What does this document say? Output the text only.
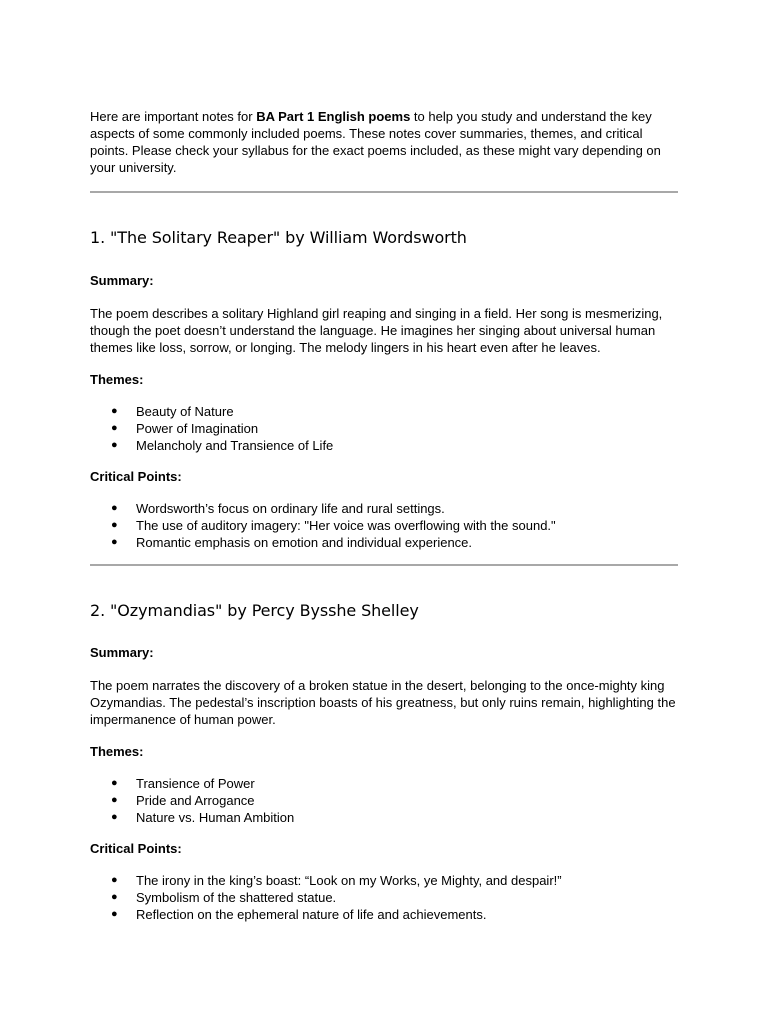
Here are important notes for BA Part 1 English poems to help you study and understand the key aspects of some commonly included poems. These notes cover summaries, themes, and critical points. Please check your syllabus for the exact poems included, as these might vary depending on your university.

1. "The Solitary Reaper" by William Wordsworth

Summary:

The poem describes a solitary Highland girl reaping and singing in a field. Her song is mesmerizing, though the poet doesn’t understand the language. He imagines her singing about universal human themes like loss, sorrow, or longing. The melody lingers in his heart even after he leaves.

Themes:

● Beauty of Nature
● Power of Imagination
● Melancholy and Transience of Life

Critical Points:

● Wordsworth’s focus on ordinary life and rural settings.
● The use of auditory imagery: "Her voice was overflowing with the sound."
● Romantic emphasis on emotion and individual experience.
2. "Ozymandias" by Percy Bysshe Shelley

Summary:

The poem narrates the discovery of a broken statue in the desert, belonging to the once-mighty king Ozymandias. The pedestal’s inscription boasts of his greatness, but only ruins remain, highlighting the impermanence of human power.

Themes:

● Transience of Power
● Pride and Arrogance
● Nature vs. Human Ambition

Critical Points:

● The irony in the king’s boast: “Look on my Works, ye Mighty, and despair!”
● Symbolism of the shattered statue.
● Reflection on the ephemeral nature of life and achievements.
